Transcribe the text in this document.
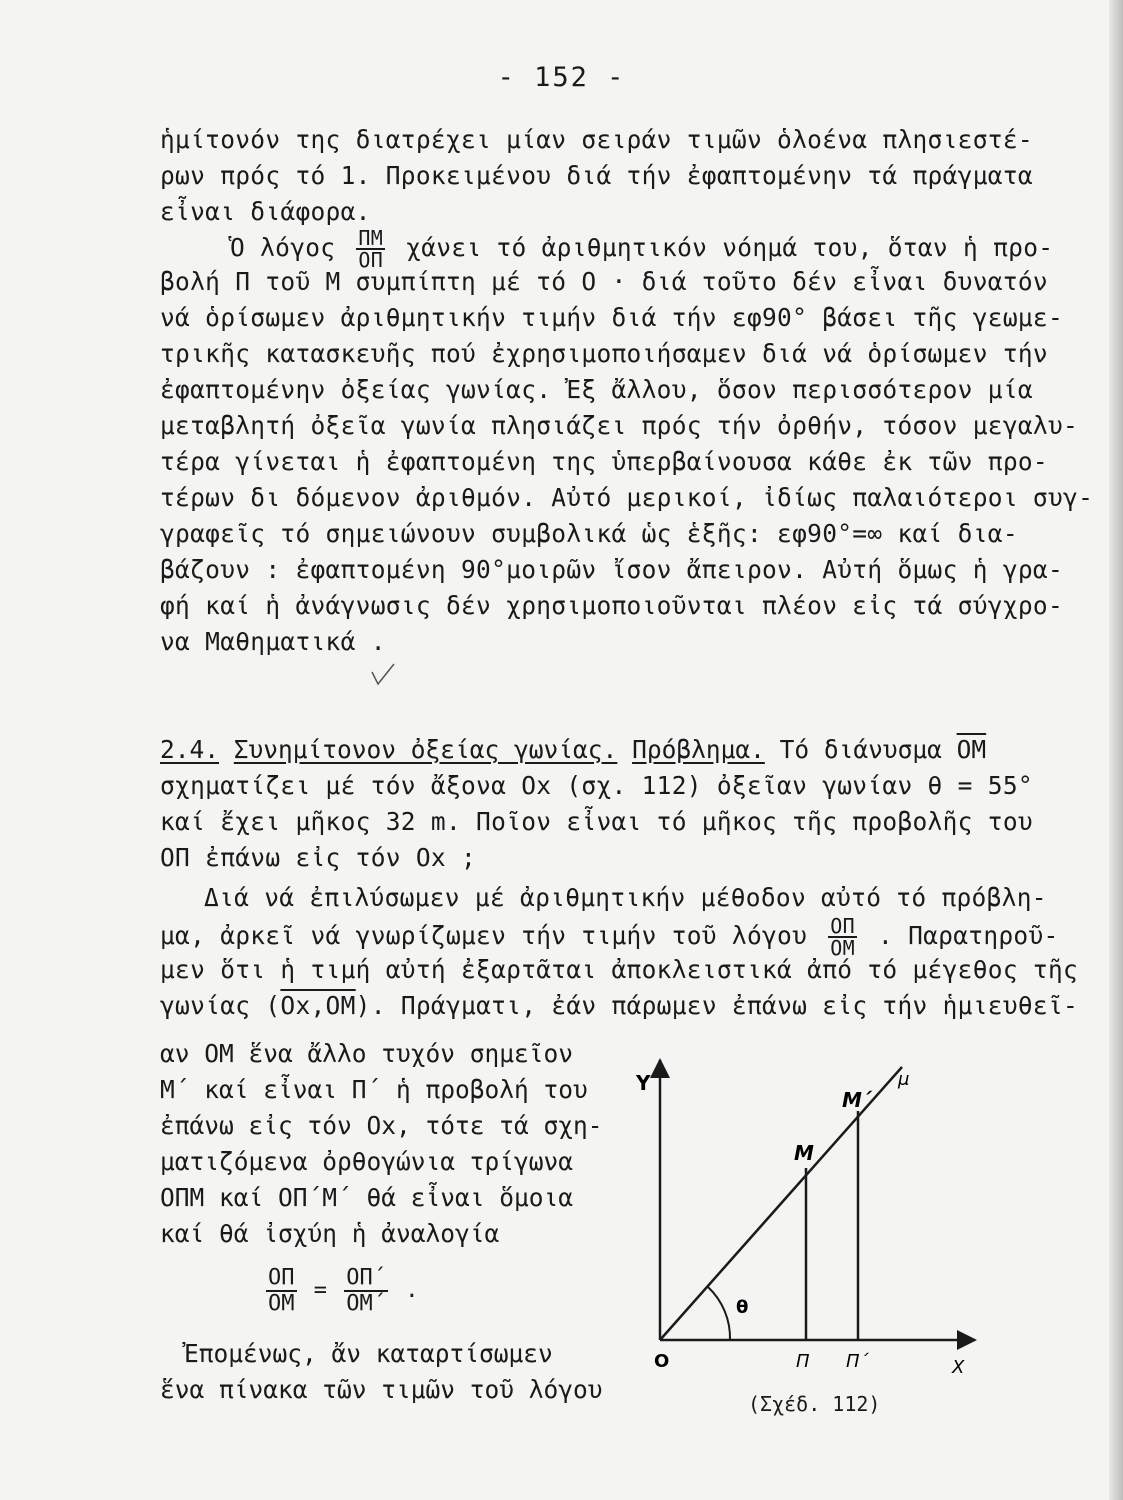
- 152 -
ἡμίτονόν της διατρέχει μίαν σειράν τιμῶν ὁλοένα πλησιεστέ-
ρων πρός τό 1. Προκειμένου διά τήν ἐφαπτομένην τά πράγματα
εἶναι διάφορα.
Ὁ λόγος $\frac{\Pi M}{O\Pi}$ χάνει τό ἀριθμητικόν νόημά του, ὅταν ἡ προ-
βολή Π τοῦ Μ συμπίπτη μέ τό Ο · διά τοῦτο δέν εἶναι δυνατόν
νά ὁρίσωμεν ἀριθμητικήν τιμήν διά τήν εφ90° βάσει τῆς γεωμε-
τρικῆς κατασκευῆς πού ἐχρησιμοποιήσαμεν διά νά ὁρίσωμεν τήν
ἐφαπτομένην ὀξείας γωνίας. Ἐξ ἄλλου, ὅσον περισσότερον μία
μεταβλητή ὀξεῖα γωνία πλησιάζει πρός τήν ὀρθήν, τόσον μεγαλυ-
τέρα γίνεται ἡ ἐφαπτομένη της ὑπερβαίνουσα κάθε ἐκ τῶν προ-
τέρων δι δόμενον ἀριθμόν. Αὐτό μερικοί, ἰδίως παλαιότεροι συγ-
γραφεῖς τό σημειώνουν συμβολικά ὡς ἑξῆς: εφ90°=∞ καί δια-
βάζουν : ἐφαπτομένη 90°μοιρῶν ἴσον ἄπειρον. Αὐτή ὅμως ἡ γρα-
φή καί ἡ ἀνάγνωσις δέν χρησιμοποιοῦνται πλέον εἰς τά σύγχρο-
να Μαθηματικά .
2.4. Συνημίτονον ὀξείας γωνίας. Πρόβλημα. Τό διάνυσμα $\overline{OM}$
σχηματίζει μέ τόν ἄξονα Οx (σχ. 112) ὀξεῖαν γωνίαν θ = 55°
καί ἔχει μῆκος 32 m. Ποῖον εἶναι τό μῆκος τῆς προβολῆς του
ΟΠ ἐπάνω εἰς τόν Οx ;
Διά νά ἐπιλύσωμεν μέ ἀριθμητικήν μέθοδον αὐτό τό πρόβλη-
μα, ἀρκεῖ νά γνωρίζωμεν τήν τιμήν τοῦ λόγου $\frac{O\Pi}{OM}$ . Παρατηροῦ-
μεν ὅτι ἡ τιμή αὐτή ἐξαρτᾶται ἀποκλειστικά ἀπό τό μέγεθος τῆς
γωνίας (Οx,ΟΜ). Πράγματι, ἐάν πάρωμεν ἐπάνω εἰς τήν ἡμιευθεῖ-
αν ΟΜ ἕνα ἄλλο τυχόν σημεῖον
Μ΄ καί εἶναι Π΄ ἡ προβολή του
ἐπάνω εἰς τόν Οx, τότε τά σχη-
ματιζόμενα ὀρθογώνια τρίγωνα
ΟΠΜ καί ΟΠ΄Μ΄ θά εἶναι ὅμοια
καί θά ἰσχύη ἡ ἀναλογία
$\frac{O\Pi}{OM} = \frac{O\Pi΄}{OM΄}$ .
Ἐπομένως, ἄν καταρτίσωμεν
ἕνα πίνακα τῶν τιμῶν τοῦ λόγου
Y
X
μ
Μ
Μ΄
Ο	Π Π΄
θ
(Σχέδ. 112)
